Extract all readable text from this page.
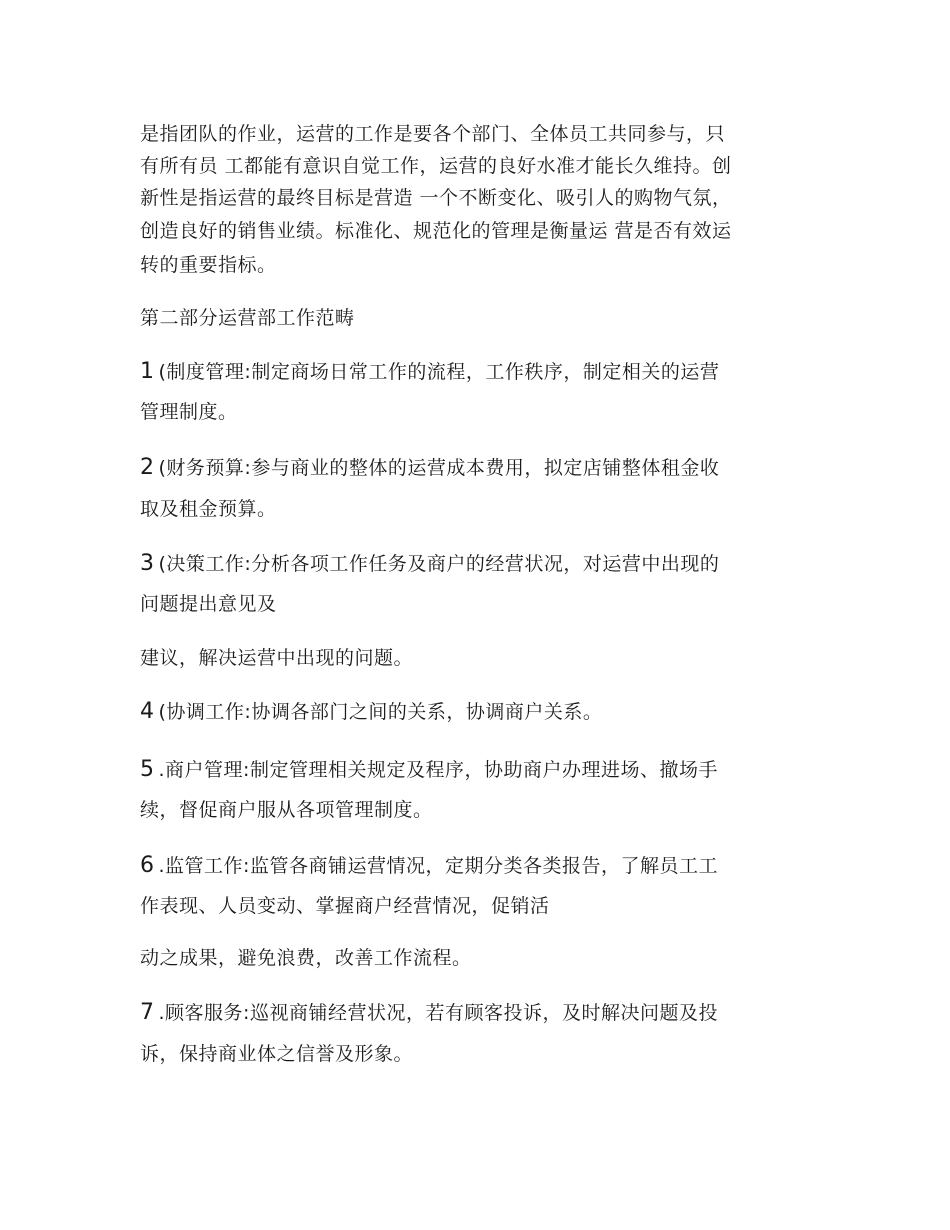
是指团队的作业，运营的工作是要各个部门、全体员工共同参与，只
有所有员 工都能有意识自觉工作，运营的良好水准才能长久维持。创
新性是指运营的最终目标是营造 一个不断变化、吸引人的购物气氛，
创造良好的销售业绩。标准化、规范化的管理是衡量运 营是否有效运
转的重要指标。
第二部分运营部工作范畴
1 (制度管理:制定商场日常工作的流程，工作秩序，制定相关的运营
管理制度。
2 (财务预算:参与商业的整体的运营成本费用，拟定店铺整体租金收
取及租金预算。
3 (决策工作:分析各项工作任务及商户的经营状况，对运营中出现的
问题提出意见及
建议，解决运营中出现的问题。
4 (协调工作:协调各部门之间的关系，协调商户关系。
5 .商户管理:制定管理相关规定及程序，协助商户办理进场、撤场手
续，督促商户服从各项管理制度。
6 .监管工作:监管各商铺运营情况，定期分类各类报告，了解员工工
作表现、人员变动、掌握商户经营情况，促销活
动之成果，避免浪费，改善工作流程。
7 .顾客服务:巡视商铺经营状况，若有顾客投诉，及时解决问题及投
诉，保持商业体之信誉及形象。
